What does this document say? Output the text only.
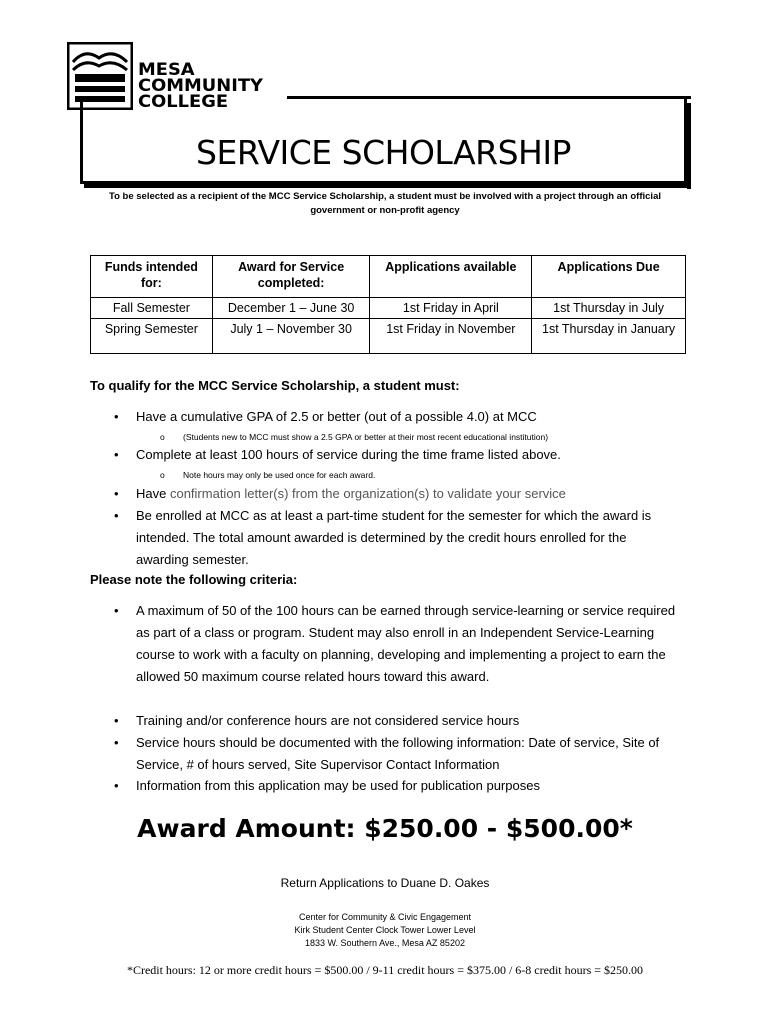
MESA
COMMUNITY
COLLEGE
SERVICE SCHOLARSHIP
To be selected as a recipient of the MCC Service Scholarship, a student must be involved with a project through an official government or non-profit agency
Funds intended for:	Award for Service completed:	Applications available	Applications Due
Fall Semester	December 1 – June 30	1st Friday in April	1st Thursday in July
Spring Semester	July 1 – November 30	1st Friday in November	1st Thursday in January
To qualify for the MCC Service Scholarship, a student must:
• Have a cumulative GPA of 2.5 or better (out of a possible 4.0) at MCC
o (Students new to MCC must show a 2.5 GPA or better at their most recent educational institution)
• Complete at least 100 hours of service during the time frame listed above.
o Note hours may only be used once for each award.
• Have confirmation letter(s) from the organization(s) to validate your service
• Be enrolled at MCC as at least a part-time student for the semester for which the award is intended. The total amount awarded is determined by the credit hours enrolled for the awarding semester.
Please note the following criteria:
• A maximum of 50 of the 100 hours can be earned through service-learning or service required as part of a class or program. Student may also enroll in an Independent Service-Learning course to work with a faculty on planning, developing and implementing a project to earn the allowed 50 maximum course related hours toward this award.
• Training and/or conference hours are not considered service hours
• Service hours should be documented with the following information: Date of service, Site of Service, # of hours served, Site Supervisor Contact Information
• Information from this application may be used for publication purposes
Award Amount: $250.00 - $500.00*
Return Applications to Duane D. Oakes
Center for Community & Civic Engagement
Kirk Student Center Clock Tower Lower Level
1833 W. Southern Ave., Mesa AZ 85202
*Credit hours: 12 or more credit hours = $500.00 / 9-11 credit hours = $375.00 / 6-8 credit hours = $250.00
